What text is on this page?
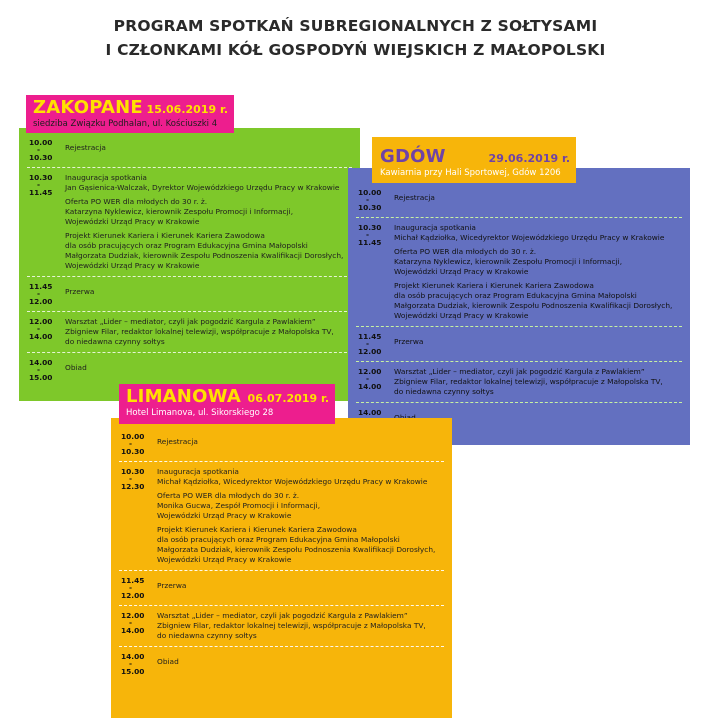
PROGRAM SPOTKAŃ SUBREGIONALNYCH Z SOŁTYSAMI
I CZŁONKAMI KÓŁ GOSPODYŃ WIEJSKICH Z MAŁOPOLSKI
10.00
-
10.30
Rejestracja
10.30
-
11.45
Inauguracja spotkania
Jan Gąsienica-Walczak, Dyrektor Wojewódzkiego Urzędu Pracy w Krakowie
Oferta PO WER dla młodych do 30 r. ż.
Katarzyna Nyklewicz, kierownik Zespołu Promocji i Informacji,
Wojewódzki Urząd Pracy w Krakowie
Projekt Kierunek Kariera i Kierunek Kariera Zawodowa
dla osób pracujących oraz Program Edukacyjna Gmina Małopolski
Małgorzata Dudziak, kierownik Zespołu Podnoszenia Kwalifikacji Dorosłych,
Wojewódzki Urząd Pracy w Krakowie
11.45
-
12.00
Przerwa
12.00
-
14.00
Warsztat „Lider – mediator, czyli jak pogodzić Kargula z Pawlakiem”
Zbigniew Filar, redaktor lokalnej telewizji, współpracuje z Małopolska TV,
do niedawna czynny sołtys
14.00
-
15.00
Obiad
ZAKOPANE 15.06.2019 r.
siedziba Związku Podhalan, ul. Kościuszki 4
10.00
-
10.30
Rejestracja
10.30
-
11.45
Inauguracja spotkania
Michał Kądziołka, Wicedyrektor Wojewódzkiego Urzędu Pracy w Krakowie
Oferta PO WER dla młodych do 30 r. ż.
Katarzyna Nyklewicz, kierownik Zespołu Promocji i Informacji,
Wojewódzki Urząd Pracy w Krakowie
Projekt Kierunek Kariera i Kierunek Kariera Zawodowa
dla osób pracujących oraz Program Edukacyjna Gmina Małopolski
Małgorzata Dudziak, kierownik Zespołu Podnoszenia Kwalifikacji Dorosłych,
Wojewódzki Urząd Pracy w Krakowie
11.45
-
12.00
Przerwa
12.00
-
14.00
Warsztat „Lider – mediator, czyli jak pogodzić Kargula z Pawlakiem”
Zbigniew Filar, redaktor lokalnej telewizji, współpracuje z Małopolska TV,
do niedawna czynny sołtys
14.00
GDÓW	29.06.2019 r.
Kawiarnia przy Hali Sportowej, Gdów 1206
10.00
-
10.30
Rejestracja
10.30
-
12.30
Inauguracja spotkania
Michał Kądziołka, Wicedyrektor Wojewódzkiego Urzędu Pracy w Krakowie
Oferta PO WER dla młodych do 30 r. ż.
Monika Gucwa, Zespół Promocji i Informacji,
Wojewódzki Urząd Pracy w Krakowie
Projekt Kierunek Kariera i Kierunek Kariera Zawodowa
dla osób pracujących oraz Program Edukacyjna Gmina Małopolski
Małgorzata Dudziak, kierownik Zespołu Podnoszenia Kwalifikacji Dorosłych,
Wojewódzki Urząd Pracy w Krakowie
11.45
-
12.00
Przerwa
12.00
-
14.00
Warsztat „Lider – mediator, czyli jak pogodzić Kargula z Pawlakiem”
Zbigniew Filar, redaktor lokalnej telewizji, współpracuje z Małopolska TV,
do niedawna czynny sołtys
14.00
-
15.00
Obiad
LIMANOWA 06.07.2019 r.
Hotel Limanova, ul. Sikorskiego 28
